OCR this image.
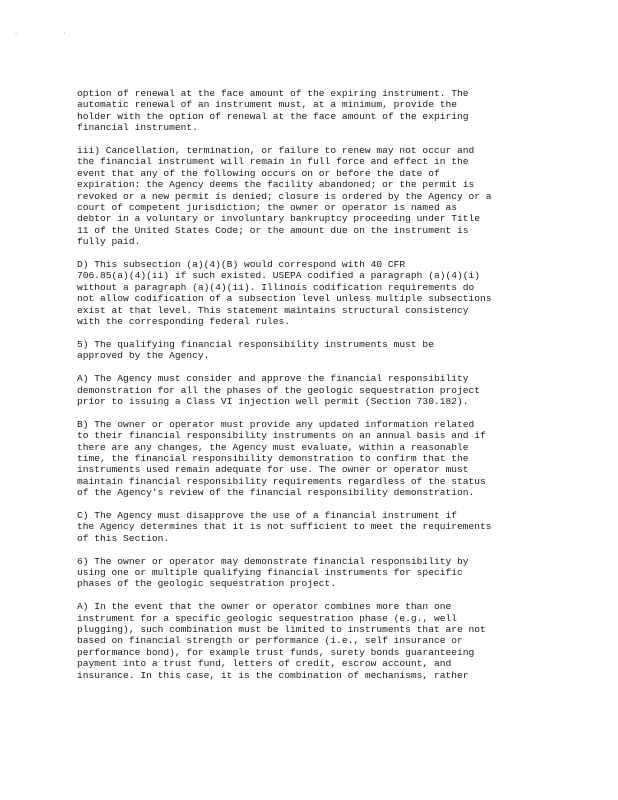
· ·

option of renewal at the face amount of the expiring instrument. The
automatic renewal of an instrument must, at a minimum, provide the
holder with the option of renewal at the face amount of the expiring
financial instrument.

iii) Cancellation, termination, or failure to renew may not occur and
the financial instrument will remain in full force and effect in the
event that any of the following occurs on or before the date of
expiration: the Agency deems the facility abandoned; or the permit is
revoked or a new permit is denied; closure is ordered by the Agency or a
court of competent jurisdiction; the owner or operator is named as
debtor in a voluntary or involuntary bankruptcy proceeding under Title
11 of the United States Code; or the amount due on the instrument is
fully paid.

D) This subsection (a)(4)(B) would correspond with 40 CFR
706.85(a)(4)(ii) if such existed. USEPA codified a paragraph (a)(4)(i)
without a paragraph (a)(4)(ii). Illinois codification requirements do
not allow codification of a subsection level unless multiple subsections
exist at that level. This statement maintains structural consistency
with the corresponding federal rules.

5) The qualifying financial responsibility instruments must be
approved by the Agency.

A) The Agency must consider and approve the financial responsibility
demonstration for all the phases of the geologic sequestration project
prior to issuing a Class VI injection well permit (Section 730.182).

B) The owner or operator must provide any updated information related
to their financial responsibility instruments on an annual basis and if
there are any changes, the Agency must evaluate, within a reasonable
time, the financial responsibility demonstration to confirm that the
instruments used remain adequate for use. The owner or operator must
maintain financial responsibility requirements regardless of the status
of the Agency's review of the financial responsibility demonstration.

C) The Agency must disapprove the use of a financial instrument if
the Agency determines that it is not sufficient to meet the requirements
of this Section.

6) The owner or operator may demonstrate financial responsibility by
using one or multiple qualifying financial instruments for specific
phases of the geologic sequestration project.

A) In the event that the owner or operator combines more than one
instrument for a specific geologic sequestration phase (e.g., well
plugging), such combination must be limited to instruments that are not
based on financial strength or performance (i.e., self insurance or
performance bond), for example trust funds, surety bonds guaranteeing
payment into a trust fund, letters of credit, escrow account, and
insurance. In this case, it is the combination of mechanisms, rather
